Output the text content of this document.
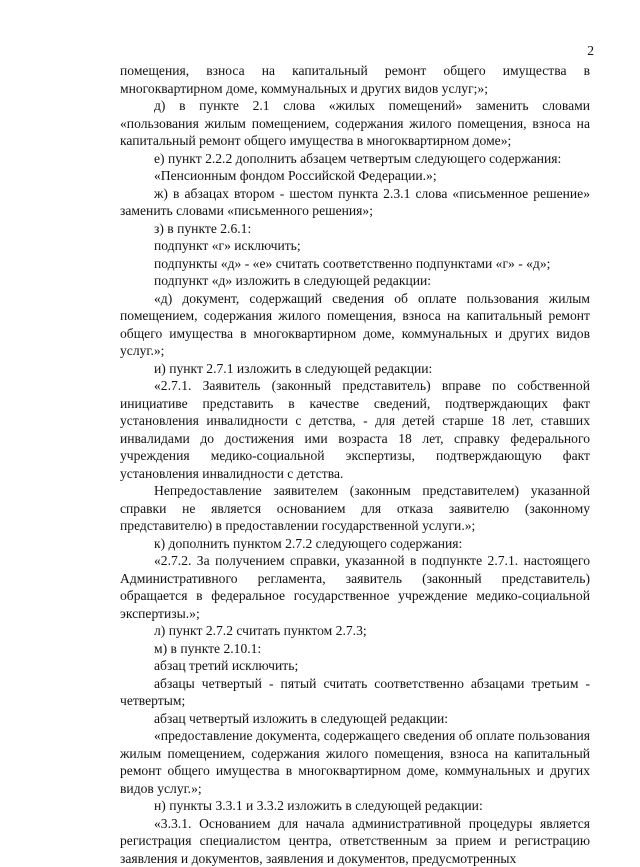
2

помещения, взноса на капитальный ремонт общего имущества в многоквартирном доме, коммунальных и других видов услуг;»;

д) в пункте 2.1 слова «жилых помещений» заменить словами «пользования жилым помещением, содержания жилого помещения, взноса на капитальный ремонт общего имущества в многоквартирном доме»;

е) пункт 2.2.2 дополнить абзацем четвертым следующего содержания:

«Пенсионным фондом Российской Федерации.»;

ж) в абзацах втором - шестом пункта 2.3.1 слова «письменное решение» заменить словами «письменного решения»;

з) в пункте 2.6.1:

подпункт «г» исключить;

подпункты «д» - «е» считать соответственно подпунктами «г» - «д»;

подпункт «д» изложить в следующей редакции:

«д) документ, содержащий сведения об оплате пользования жилым помещением, содержания жилого помещения, взноса на капитальный ремонт общего имущества в многоквартирном доме, коммунальных и других видов услуг.»;

и) пункт 2.7.1 изложить в следующей редакции:

«2.7.1. Заявитель (законный представитель) вправе по собственной инициативе представить в качестве сведений, подтверждающих факт установления инвалидности с детства, - для детей старше 18 лет, ставших инвалидами до достижения ими возраста 18 лет, справку федерального учреждения медико-социальной экспертизы, подтверждающую факт установления инвалидности с детства.

Непредоставление заявителем (законным представителем) указанной справки не является основанием для отказа заявителю (законному представителю) в предоставлении государственной услуги.»;

к) дополнить пунктом 2.7.2 следующего содержания:

«2.7.2. За получением справки, указанной в подпункте 2.7.1. настоящего Административного регламента, заявитель (законный представитель) обращается в федеральное государственное учреждение медико-социальной экспертизы.»;

л) пункт 2.7.2 считать пунктом 2.7.3;

м) в пункте 2.10.1:

абзац третий исключить;

абзацы четвертый - пятый считать соответственно абзацами третьим - четвертым;

абзац четвертый изложить в следующей редакции:

«предоставление документа, содержащего сведения об оплате пользования жилым помещением, содержания жилого помещения, взноса на капитальный ремонт общего имущества в многоквартирном доме, коммунальных и других видов услуг.»;

н) пункты 3.3.1 и 3.3.2 изложить в следующей редакции:

«3.3.1. Основанием для начала административной процедуры является регистрация специалистом центра, ответственным за прием и регистрацию заявления и документов, заявления и документов, предусмотренных
